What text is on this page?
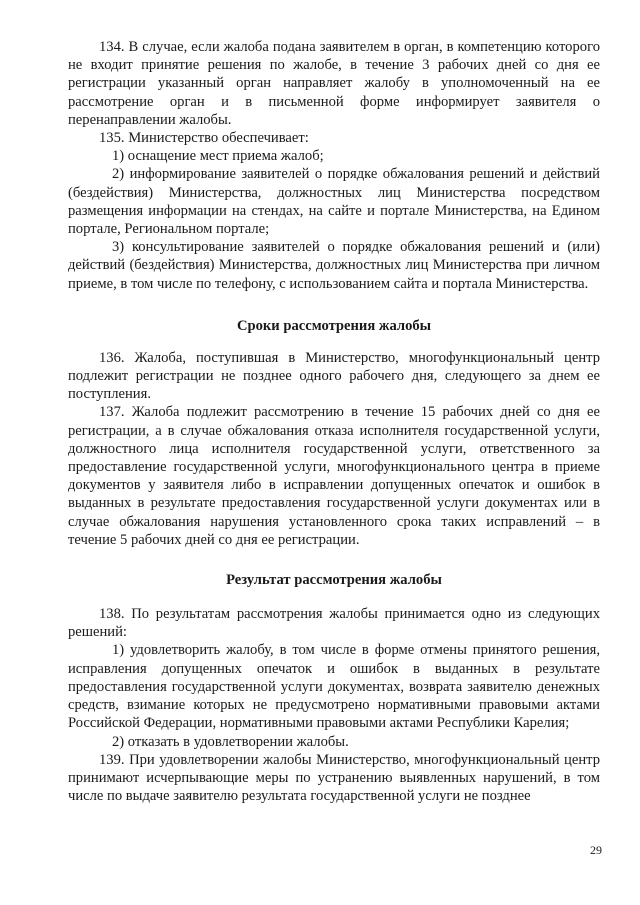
134. В случае, если жалоба подана заявителем в орган, в компетенцию которого не входит принятие решения по жалобе, в течение 3 рабочих дней со дня ее регистрации указанный орган направляет жалобу в уполномоченный на ее рассмотрение орган и в письменной форме информирует заявителя о перенаправлении жалобы.

135. Министерство обеспечивает:

1) оснащение мест приема жалоб;

2) информирование заявителей о порядке обжалования решений и действий (бездействия) Министерства, должностных лиц Министерства посредством размещения информации на стендах, на сайте и портале Министерства, на Едином портале, Региональном портале;

3) консультирование заявителей о порядке обжалования решений и (или) действий (бездействия) Министерства, должностных лиц Министерства при личном приеме, в том числе по телефону, с использованием сайта и портала Министерства.

Сроки рассмотрения жалобы

136. Жалоба, поступившая в Министерство, многофункциональный центр подлежит регистрации не позднее одного рабочего дня, следующего за днем ее поступления.

137. Жалоба подлежит рассмотрению в течение 15 рабочих дней со дня ее регистрации, а в случае обжалования отказа исполнителя государственной услуги, должностного лица исполнителя государственной услуги, ответственного за предоставление государственной услуги, многофункционального центра в приеме документов у заявителя либо в исправлении допущенных опечаток и ошибок в выданных в результате предоставления государственной услуги документах или в случае обжалования нарушения установленного срока таких исправлений – в течение 5 рабочих дней со дня ее регистрации.

Результат рассмотрения жалобы

138. По результатам рассмотрения жалобы принимается одно из следующих решений:

1) удовлетворить жалобу, в том числе в форме отмены принятого решения, исправления допущенных опечаток и ошибок в выданных в результате предоставления государственной услуги документах, возврата заявителю денежных средств, взимание которых не предусмотрено нормативными правовыми актами Российской Федерации, нормативными правовыми актами Республики Карелия;

2) отказать в удовлетворении жалобы.

139. При удовлетворении жалобы Министерство, многофункциональный центр принимают исчерпывающие меры по устранению выявленных нарушений, в том числе по выдаче заявителю результата государственной услуги не позднее

29
